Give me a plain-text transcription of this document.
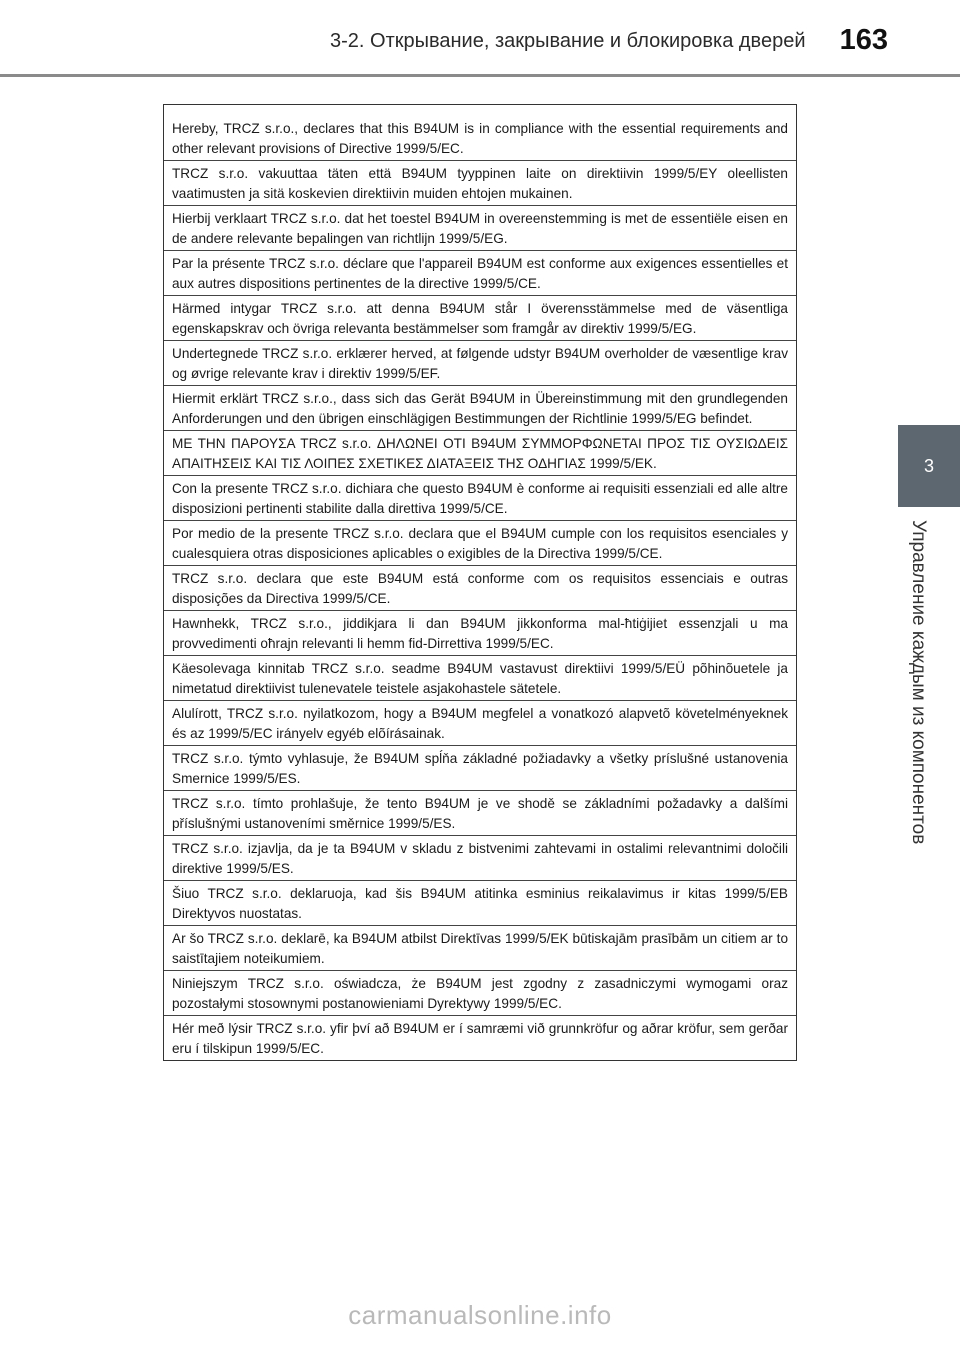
3-2. Открывание, закрывание и блокировка дверей 163
3
Управление каждым из компонентов
Hereby, TRCZ s.r.o., declares that this B94UM is in compliance with the essential requirements and other relevant provisions of Directive 1999/5/EC.
TRCZ s.r.o. vakuuttaa täten että B94UM tyyppinen laite on direktiivin 1999/5/EY oleellisten vaatimusten ja sitä koskevien direktiivin muiden ehtojen mukainen.
Hierbij verklaart TRCZ s.r.o. dat het toestel B94UM in overeenstemming is met de essentiële eisen en de andere relevante bepalingen van richtlijn 1999/5/EG.
Par la présente TRCZ s.r.o. déclare que l'appareil B94UM est conforme aux exigences essentielles et aux autres dispositions pertinentes de la directive 1999/5/CE.
Härmed intygar TRCZ s.r.o. att denna B94UM står I överensstämmelse med de väsentliga egenskapskrav och övriga relevanta bestämmelser som framgår av direktiv 1999/5/EG.
Undertegnede TRCZ s.r.o. erklærer herved, at følgende udstyr B94UM overholder de væsentlige krav og øvrige relevante krav i direktiv 1999/5/EF.
Hiermit erklärt TRCZ s.r.o., dass sich das Gerät B94UM in Übereinstimmung mit den grundlegenden Anforderungen und den übrigen einschlägigen Bestimmungen der Richtlinie 1999/5/EG befindet.
ΜΕ ΤΗΝ ΠΑΡΟΥΣΑ TRCZ s.r.o. ΔΗΛΩΝΕΙ ΟΤΙ B94UM ΣΥΜΜΟΡΦΩΝΕΤΑΙ ΠΡΟΣ ΤΙΣ ΟΥΣΙΩΔΕΙΣ ΑΠΑΙΤΗΣΕΙΣ ΚΑΙ ΤΙΣ ΛΟΙΠΕΣ ΣΧΕΤΙΚΕΣ ΔΙΑΤΑΞΕΙΣ ΤΗΣ ΟΔΗΓΙΑΣ 1999/5/ΕΚ.
Con la presente TRCZ s.r.o. dichiara che questo B94UM è conforme ai requisiti essenziali ed alle altre disposizioni pertinenti stabilite dalla direttiva 1999/5/CE.
Por medio de la presente TRCZ s.r.o. declara que el B94UM cumple con los requisitos esenciales y cualesquiera otras disposiciones aplicables o exigibles de la Directiva 1999/5/CE.
TRCZ s.r.o. declara que este B94UM está conforme com os requisitos essenciais e outras disposições da Directiva 1999/5/CE.
Hawnhekk, TRCZ s.r.o., jiddikjara li dan B94UM jikkonforma mal-ħtiġijiet essenzjali u ma provvedimenti oħrajn relevanti li hemm fid-Dirrettiva 1999/5/EC.
Käesolevaga kinnitab TRCZ s.r.o. seadme B94UM vastavust direktiivi 1999/5/EÜ põhinõuetele ja nimetatud direktiivist tulenevatele teistele asjakohastele sätetele.
Alulírott, TRCZ s.r.o. nyilatkozom, hogy a B94UM megfelel a vonatkozó alapvetõ követelményeknek és az 1999/5/EC irányelv egyéb elõírásainak.
TRCZ s.r.o. týmto vyhlasuje, že B94UM spĺňa základné požiadavky a všetky príslušné ustanovenia Smernice 1999/5/ES.
TRCZ s.r.o. tímto prohlašuje, že tento B94UM je ve shodě se základními požadavky a dalšími příslušnými ustanoveními směrnice 1999/5/ES.
TRCZ s.r.o. izjavlja, da je ta B94UM v skladu z bistvenimi zahtevami in ostalimi relevantnimi določili direktive 1999/5/ES.
Šiuo TRCZ s.r.o. deklaruoja, kad šis B94UM atitinka esminius reikalavimus ir kitas 1999/5/EB Direktyvos nuostatas.
Ar šo TRCZ s.r.o. deklarē, ka B94UM atbilst Direktīvas 1999/5/EK būtiskajām prasībām un citiem ar to saistītajiem noteikumiem.
Niniejszym TRCZ s.r.o. oświadcza, że B94UM jest zgodny z zasadniczymi wymogami oraz pozostałymi stosownymi postanowieniami Dyrektywy 1999/5/EC.
Hér með lýsir TRCZ s.r.o. yfir því að B94UM er í samræmi við grunnkröfur og aðrar kröfur, sem gerðar eru í tilskipun 1999/5/EC.
carmanualsonline.info
